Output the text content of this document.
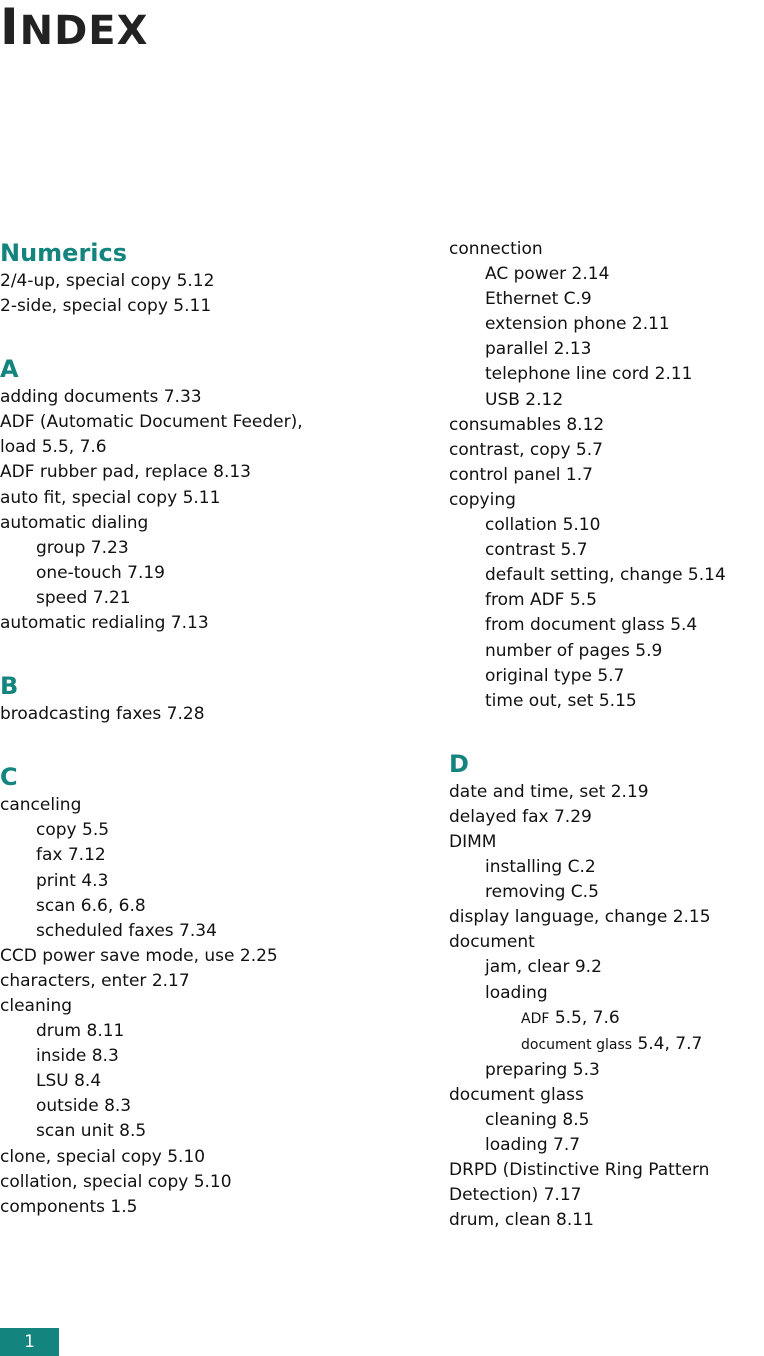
INDEX
Numerics
2/4-up, special copy 5.12
2-side, special copy 5.11
A
adding documents 7.33
ADF (Automatic Document Feeder),
load 5.5, 7.6
ADF rubber pad, replace 8.13
auto fit, special copy 5.11
automatic dialing
group 7.23
one-touch 7.19
speed 7.21
automatic redialing 7.13
B
broadcasting faxes 7.28
C
canceling
copy 5.5
fax 7.12
print 4.3
scan 6.6, 6.8
scheduled faxes 7.34
CCD power save mode, use 2.25
characters, enter 2.17
cleaning
drum 8.11
inside 8.3
LSU 8.4
outside 8.3
scan unit 8.5
clone, special copy 5.10
collation, special copy 5.10
components 1.5
connection
AC power 2.14
Ethernet C.9
extension phone 2.11
parallel 2.13
telephone line cord 2.11
USB 2.12
consumables 8.12
contrast, copy 5.7
control panel 1.7
copying
collation 5.10
contrast 5.7
default setting, change 5.14
from ADF 5.5
from document glass 5.4
number of pages 5.9
original type 5.7
time out, set 5.15
D
date and time, set 2.19
delayed fax 7.29
DIMM
installing C.2
removing C.5
display language, change 2.15
document
jam, clear 9.2
loading
ADF 5.5, 7.6
document glass 5.4, 7.7
preparing 5.3
document glass
cleaning 8.5
loading 7.7
DRPD (Distinctive Ring Pattern
Detection) 7.17
drum, clean 8.11
1
